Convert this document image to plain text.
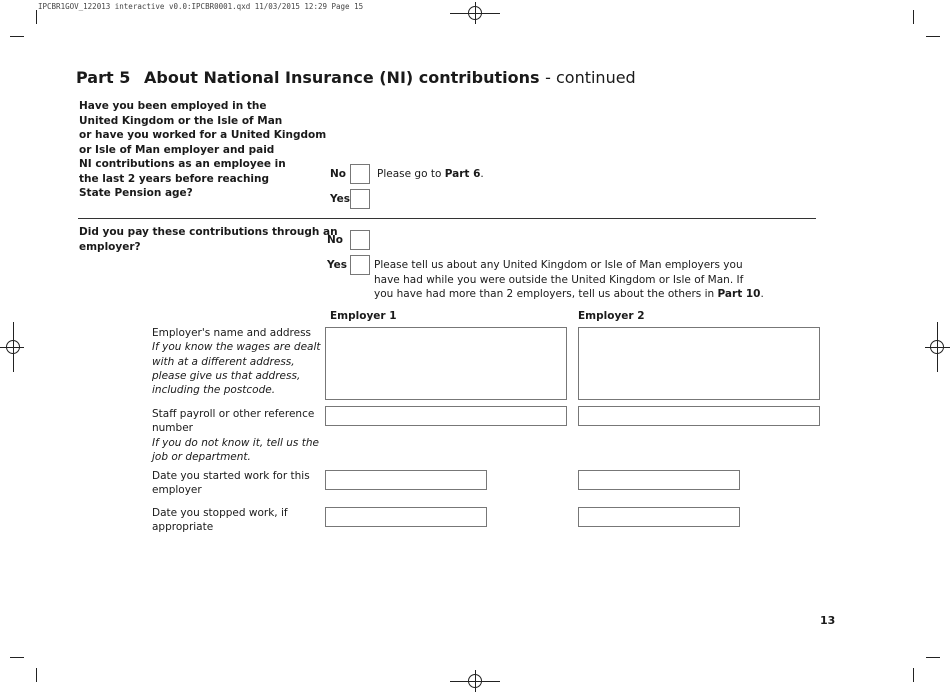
IPCBR1GOV_122013 interactive v0.0:IPCBR0001.qxd 11/03/2015 12:29 Page 15
Part 5 About National Insurance (NI) contributions - continued
Have you been employed in the
United Kingdom or the Isle of Man
or have you worked for a United Kingdom
or Isle of Man employer and paid
NI contributions as an employee in
the last 2 years before reaching
State Pension age?
No	Please go to Part 6.
Yes
Did you pay these contributions through an
employer?
No
Yes	Please tell us about any United Kingdom or Isle of Man employers you
have had while you were outside the United Kingdom or Isle of Man. If
you have had more than 2 employers, tell us about the others in Part 10.
Employer 1	Employer 2
Employer's name and address
If you know the wages are dealt
with at a different address,
please give us that address,
including the postcode.
Staff payroll or other reference
number
If you do not know it, tell us the
job or department.
Date you started work for this
employer
Date you stopped work, if
appropriate
13
